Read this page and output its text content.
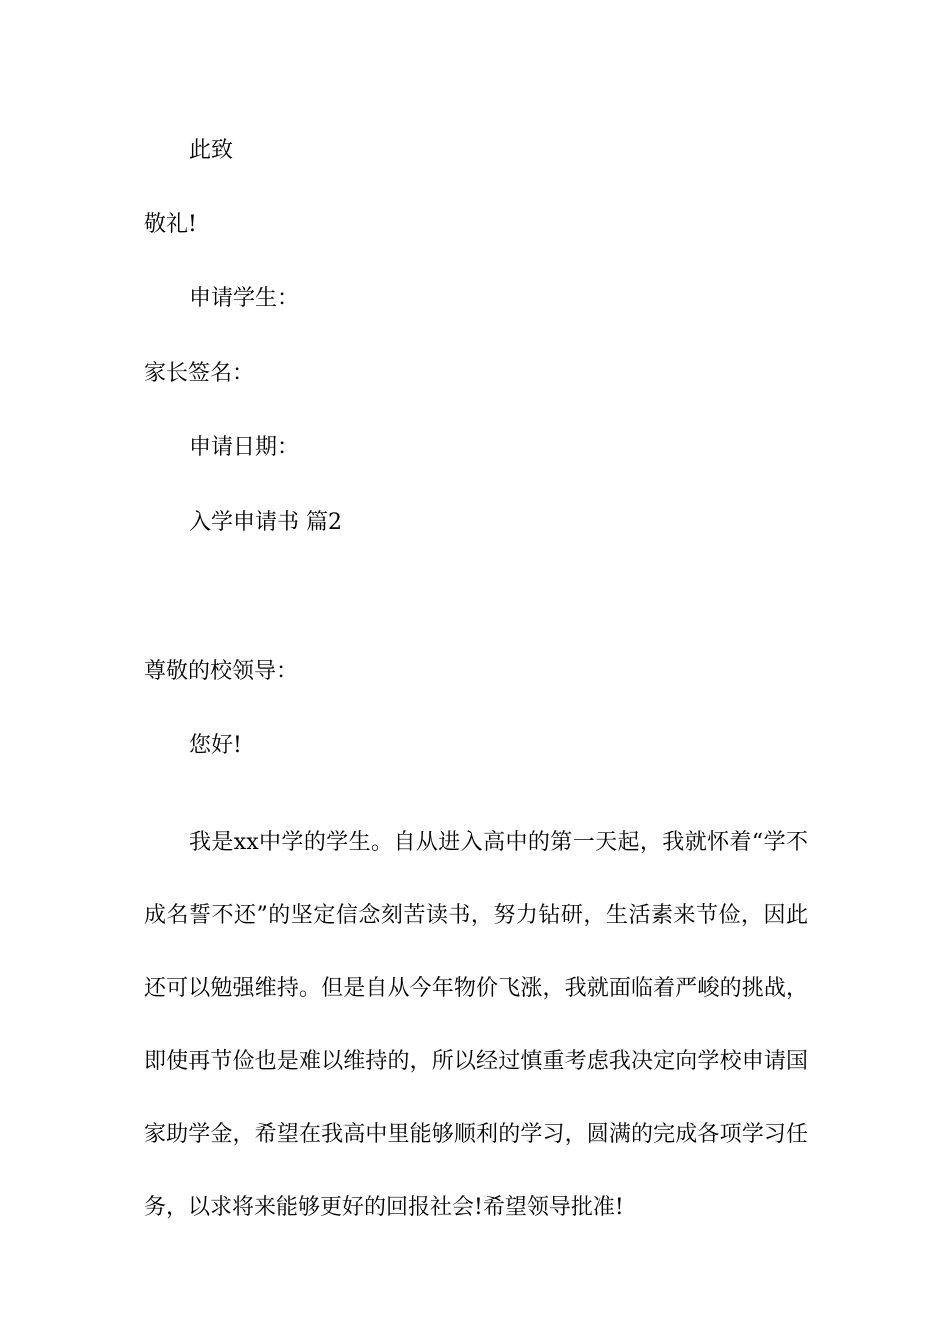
此致
敬礼!
申请学生：
家长签名：
申请日期：
入学申请书 篇2
尊敬的校领导：
您好!
我是xx中学的学生。自从进入高中的第一天起，我就怀着“学不成名誓不还”的坚定信念刻苦读书，努力钻研，生活素来节俭，因此还可以勉强维持。但是自从今年物价飞涨，我就面临着严峻的挑战，即使再节俭也是难以维持的，所以经过慎重考虑我决定向学校申请国家助学金，希望在我高中里能够顺利的学习，圆满的完成各项学习任务，以求将来能够更好的回报社会!希望领导批准!
